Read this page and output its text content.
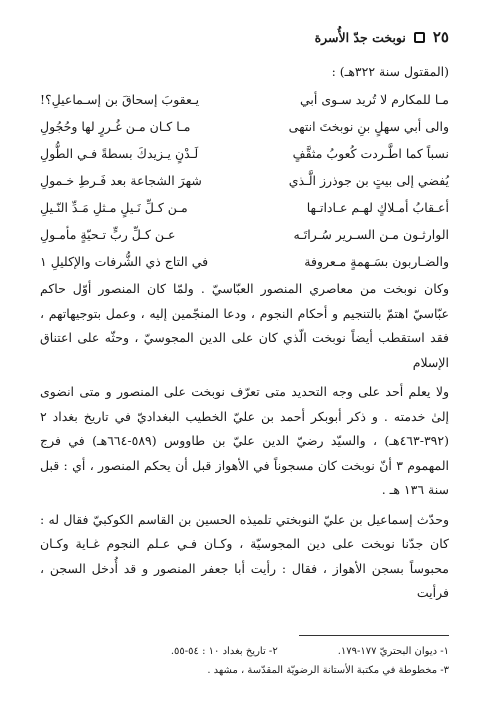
٢٥
نوبخت جدّ الأُسرة
(المقتول سنة ٣٢٢هـ) :
مـا للمكارم لا تُريد سـوى أبي
يـعقوبَ إسحاقَ بن إسـماعيلِ؟!
والى أبي سهلٍ بنِ نوبختَ انتهى
مـا كـان مـن غُـررٍ لها وحُجُولِ
نسباً كما اطَّـردت كُعوبُ مثقَّفٍ
لَـدْنٍ يـزيدكَ بسطةً فـي الطُّولِ
يُفضي إلى بيتٍ بن جوذرز الَّـذي
شهرَ الشجاعة بعد فَـرطِ خـمولِ
أعـقابُ أمـلاكٍ لهـم عـاداتـها
مـن كـلِّ نَـيلٍ مـثلِ مَـدِّ النّـيلِ
الوارثـون مـن السـرير سُـراتَـه
عـن كـلِّ ربٍّ تـحيّةٍ مأمـولِ
والضـاربون بسَـهمةٍ مـعروفة
في التاج ذي الشُّرفات والإكليلِ ١

وكان نوبخت من معاصري المنصور العبّاسيّ . ولمّا كان المنصور أوّل حاكم عبّاسيّ اهتمّ بالتنجيم و أحكام النجوم ، ودعا المنجّمين إليه ، وعمل بتوجيهاتهم ، فقد استقطب أيضاً نوبخت الّذي كان على الدين المجوسيّ ، وحثّه على اعتناق الإسلام

ولا يعلم أحد على وجه التحديد متى تعرّف نوبخت على المنصور و متى انضوى إلىٰ خدمته . و ذكر أبوبكر أحمد بن عليّ الخطيب البغداديّ في تاريخ بغداد ٢ (٣٩٢-٤٦٣هـ) ، والسيّد رضيّ الدين عليّ بن طاووس (٥٨٩-٦٦٤هـ) في فرج المهموم ٣ أنّ نوبخت كان مسجوناً في الأهواز قبل أن يحكم المنصور ، أي : قبل سنة ١٣٦ هـ .

وحدّث إسماعيل بن عليّ النوبختي تلميذه الحسين بن القاسم الكوكبيّ فقال له : كان جدّنا نوبخت على دين المجوسيّة ، وكـان فـي عـلم النجوم غـاية وكـان محبوساً بسجن الأهواز ، فقال : رأيت أبا جعفر المنصور و قد أُدخل السجن ، فرأيت

١- ديوان البحتريّ ١٧٧-١٧٩.
٢- تاريخ بغداد ١٠ : ٥٤-٥٥.
٣- مخطوطة في مكتبة الأستانة الرضويّة المقدّسة ، مشهد .
